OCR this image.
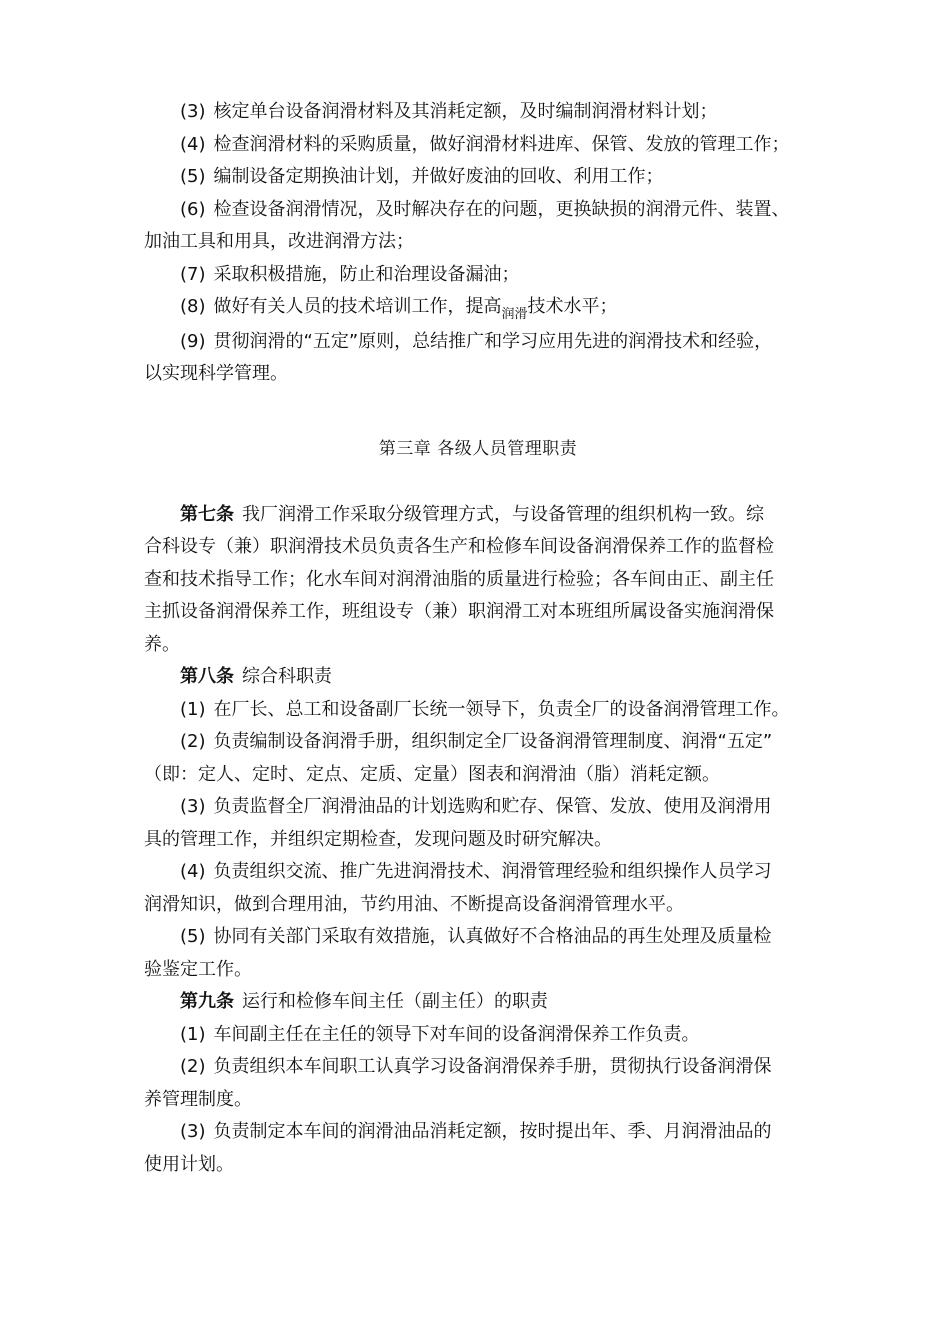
(3) 核定单台设备润滑材料及其消耗定额，及时编制润滑材料计划；

(4) 检查润滑材料的采购质量，做好润滑材料进库、保管、发放的管理工作；

(5) 编制设备定期换油计划，并做好废油的回收、利用工作；

(6) 检查设备润滑情况，及时解决存在的问题，更换缺损的润滑元件、装置、

加油工具和用具，改进润滑方法；

(7) 采取积极措施，防止和治理设备漏油；

(8) 做好有关人员的技术培训工作，提高$_{润滑}$技术水平；

(9) 贯彻润滑的“五定”原则，总结推广和学习应用先进的润滑技术和经验，

以实现科学管理。

第三章 各级人员管理职责

第七条 我厂润滑工作采取分级管理方式，与设备管理的组织机构一致。综

合科设专（兼）职润滑技术员负责各生产和检修车间设备润滑保养工作的监督检

查和技术指导工作；化水车间对润滑油脂的质量进行检验；各车间由正、副主任

主抓设备润滑保养工作，班组设专（兼）职润滑工对本班组所属设备实施润滑保

养。

第八条 综合科职责

(1) 在厂长、总工和设备副厂长统一领导下，负责全厂的设备润滑管理工作。

(2) 负责编制设备润滑手册，组织制定全厂设备润滑管理制度、润滑“五定”

（即：定人、定时、定点、定质、定量）图表和润滑油（脂）消耗定额。

(3) 负责监督全厂润滑油品的计划选购和贮存、保管、发放、使用及润滑用

具的管理工作，并组织定期检查，发现问题及时研究解决。

(4) 负责组织交流、推广先进润滑技术、润滑管理经验和组织操作人员学习

润滑知识，做到合理用油，节约用油、不断提高设备润滑管理水平。

(5) 协同有关部门采取有效措施，认真做好不合格油品的再生处理及质量检

验鉴定工作。

第九条 运行和检修车间主任（副主任）的职责

(1) 车间副主任在主任的领导下对车间的设备润滑保养工作负责。

(2) 负责组织本车间职工认真学习设备润滑保养手册，贯彻执行设备润滑保

养管理制度。

(3) 负责制定本车间的润滑油品消耗定额，按时提出年、季、月润滑油品的

使用计划。
